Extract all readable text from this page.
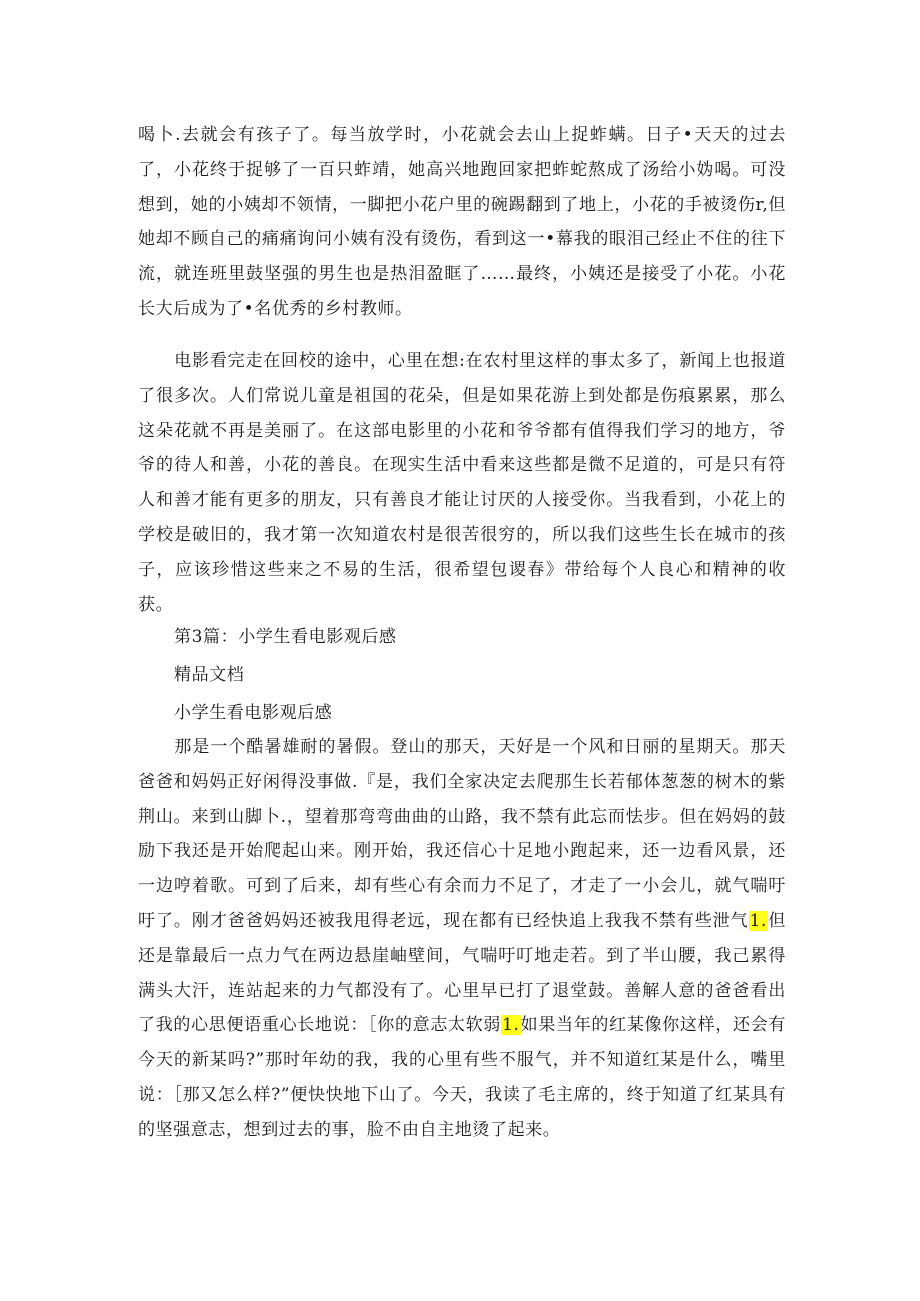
喝卜.去就会有孩子了。每当放学时，小花就会去山上捉蚱螨。日子•天天的过去了，小花终于捉够了一百只蚱靖，她高兴地跑回家把蚱蛇熬成了汤给小妫喝。可没想到，她的小姨却不领情，一脚把小花户里的碗踢翻到了地上，小花的手被烫伤r,但她却不顾自己的痛痛询问小姨有没有烫伤，看到这一•幕我的眼泪己经止不住的往下流，就连班里鼓坚强的男生也是热泪盈眶了……最终，小姨还是接受了小花。小花长大后成为了•名优秀的乡村教师。
电影看完走在回校的途中，心里在想:在农村里这样的事太多了，新闻上也报道了很多次。人们常说儿童是祖国的花朵，但是如果花游上到处都是伤痕累累，那么这朵花就不再是美丽了。在这部电影里的小花和爷爷都有值得我们学习的地方，爷爷的待人和善，小花的善良。在现实生活中看来这些都是微不足道的，可是只有符人和善才能有更多的朋友，只有善良才能让讨厌的人接受你。当我看到，小花上的学校是破旧的，我才第一次知道农村是很苦很穷的，所以我们这些生长在城市的孩子，应该珍惜这些来之不易的生活，很希望包谡春》带给每个人良心和精神的收获。
第3篇：小学生看电影观后感
精品文档
小学生看电影观后感
那是一个酷暑雄耐的暑假。登山的那天，天好是一个风和日丽的星期天。那天爸爸和妈妈正好闲得没事做.『是，我们全家决定去爬那生长若郁体葱葱的树木的紫荆山。来到山脚卜.，望着那弯弯曲曲的山路，我不禁有此忘而怯步。但在妈妈的鼓励下我还是开始爬起山来。刚开始，我还信心十足地小跑起来，还一边看风景，还一边哼着歌。可到了后来，却有些心有余而力不足了，才走了一小会儿，就气喘吁吁了。刚才爸爸妈妈还被我甩得老远，现在都有已经快追上我我不禁有些泄气1.但还是靠最后一点力气在两边悬崖岫壁间，气喘吁叮地走若。到了半山腰，我己累得满头大汗，连站起来的力气都没有了。心里早已打了退堂鼓。善解人意的爸爸看出了我的心思便语重心长地说：［你的意志太软弱1.如果当年的红某像你这样，还会有今天的新某吗?”那时年幼的我，我的心里有些不服气，并不知道红某是什么，嘴里说：［那又怎么样?”便快快地下山了。今天，我读了毛主席的，终于知道了红某具有的坚强意志，想到过去的事，脸不由自主地烫了起来。
